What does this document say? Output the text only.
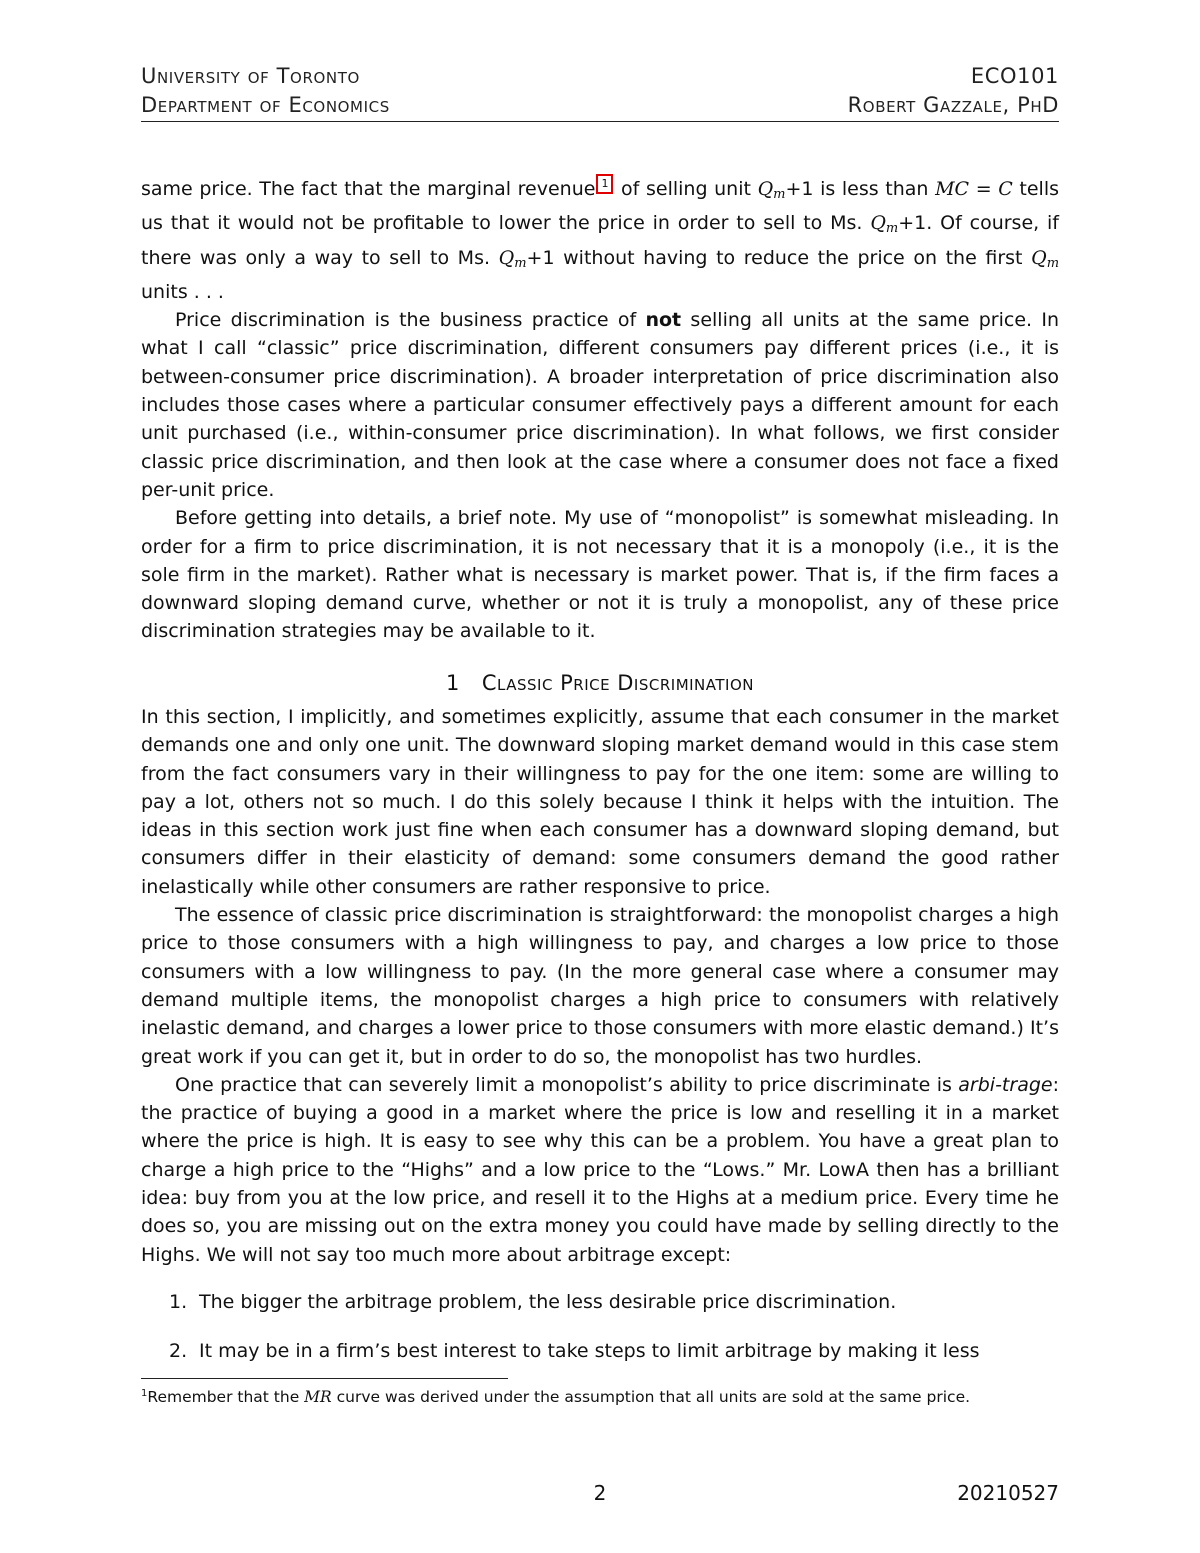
University of Toronto	ECO101
Department of Economics	Robert Gazzale, PhD

same price. The fact that the marginal revenue 1 of selling unit $Q_m+1$ is less than MC = C tells us that it would not be profitable to lower the price in order to sell to Ms. $Q_m+1$. Of course, if there was only a way to sell to Ms. $Q_m+1$ without having to reduce the price on the first $Q_m$ units . . .

Price discrimination is the business practice of not selling all units at the same price. In what I call “classic” price discrimination, different consumers pay different prices (i.e., it is between-consumer price discrimination). A broader interpretation of price discrimination also includes those cases where a particular consumer effectively pays a different amount for each unit purchased (i.e., within-consumer price discrimination). In what follows, we first consider classic price discrimination, and then look at the case where a consumer does not face a fixed per-unit price.

Before getting into details, a brief note. My use of “monopolist” is somewhat misleading. In order for a firm to price discrimination, it is not necessary that it is a monopoly (i.e., it is the sole firm in the market). Rather what is necessary is market power. That is, if the firm faces a downward sloping demand curve, whether or not it is truly a monopolist, any of these price discrimination strategies may be available to it.

1 Classic Price Discrimination

In this section, I implicitly, and sometimes explicitly, assume that each consumer in the market demands one and only one unit. The downward sloping market demand would in this case stem from the fact consumers vary in their willingness to pay for the one item: some are willing to pay a lot, others not so much. I do this solely because I think it helps with the intuition. The ideas in this section work just fine when each consumer has a downward sloping demand, but consumers differ in their elasticity of demand: some consumers demand the good rather inelastically while other consumers are rather responsive to price.

The essence of classic price discrimination is straightforward: the monopolist charges a high price to those consumers with a high willingness to pay, and charges a low price to those consumers with a low willingness to pay. (In the more general case where a consumer may demand multiple items, the monopolist charges a high price to consumers with relatively inelastic demand, and charges a lower price to those consumers with more elastic demand.) It’s great work if you can get it, but in order to do so, the monopolist has two hurdles.

One practice that can severely limit a monopolist’s ability to price discriminate is arbi-trage: the practice of buying a good in a market where the price is low and reselling it in a market where the price is high. It is easy to see why this can be a problem. You have a great plan to charge a high price to the “Highs” and a low price to the “Lows.” Mr. LowA then has a brilliant idea: buy from you at the low price, and resell it to the Highs at a medium price. Every time he does so, you are missing out on the extra money you could have made by selling directly to the Highs. We will not say too much more about arbitrage except:

1. The bigger the arbitrage problem, the less desirable price discrimination.
2. It may be in a firm’s best interest to take steps to limit arbitrage by making it less
$^1$Remember that the MR curve was derived under the assumption that all units are sold at the same price.
2	20210527
